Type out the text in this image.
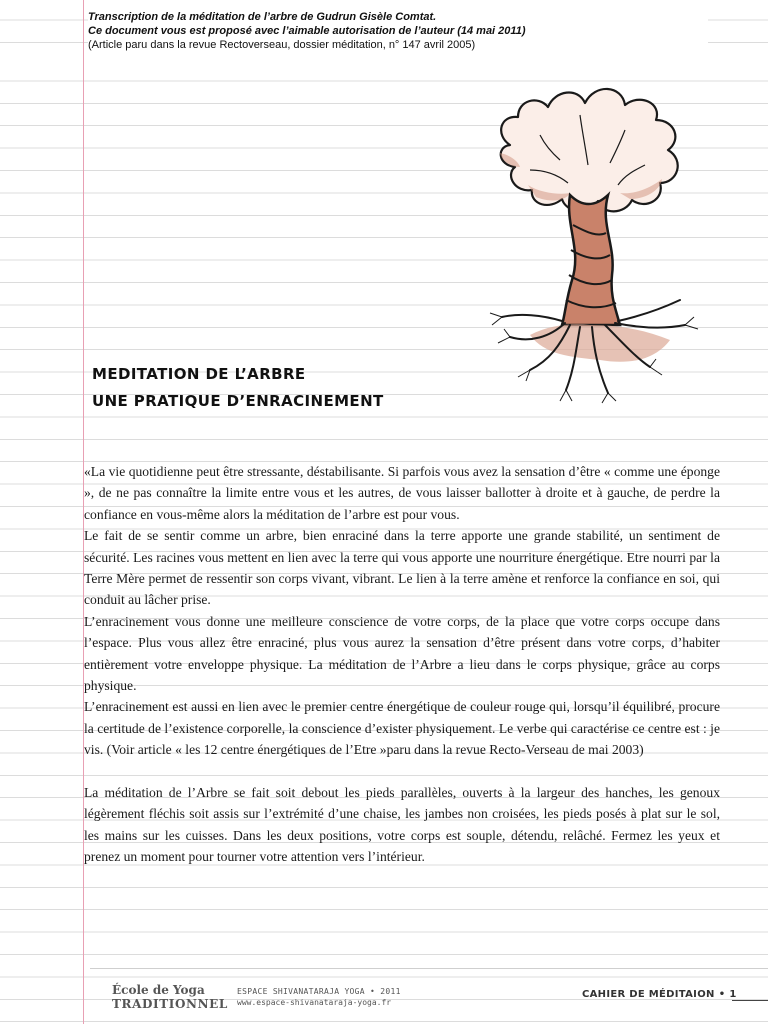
Transcription de la méditation de l’arbre de Gudrun Gisèle Comtat.
Ce document vous est proposé avec l’aimable autorisation de l’auteur (14 mai 2011)
(Article paru dans la revue Rectoverseau, dossier méditation, n° 147 avril 2005)
MEDITATION DE L’ARBRE
UNE PRATIQUE D’ENRACINEMENT

«La vie quotidienne peut être stressante, déstabilisante. Si parfois vous avez la sensation d’être « comme une éponge », de ne pas connaître la limite entre vous et les autres, de vous laisser ballotter à droite et à gauche, de perdre la confiance en vous-même alors la méditation de l’arbre est pour vous.

Le fait de se sentir comme un arbre, bien enraciné dans la terre apporte une grande stabilité, un sentiment de sécurité. Les racines vous mettent en lien avec la terre qui vous apporte une nourriture énergétique. Etre nourri par la Terre Mère permet de ressentir son corps vivant, vibrant. Le lien à la terre amène et renforce la confiance en soi, qui conduit au lâcher prise.

L’enracinement vous donne une meilleure conscience de votre corps, de la place que votre corps occupe dans l’espace. Plus vous allez être enraciné, plus vous aurez la sensation d’être présent dans votre corps, d’habiter entièrement votre enveloppe physique. La méditation de l’Arbre a lieu dans le corps physique, grâce au corps physique.

L’enracinement est aussi en lien avec le premier centre énergétique de couleur rouge qui, lorsqu’il équilibré, procure la certitude de l’existence corporelle, la conscience d’exister physiquement. Le verbe qui caractérise ce centre est : je vis. (Voir article « les 12 centre énergétiques de l’Etre »paru dans la revue Recto-Verseau de mai 2003)

La méditation de l’Arbre se fait soit debout les pieds parallèles, ouverts à la largeur des hanches, les genoux légèrement fléchis soit assis sur l’extrémité d’une chaise, les jambes non croisées, les pieds posés à plat sur le sol, les mains sur les cuisses. Dans les deux positions, votre corps est souple, détendu, relâché. Fermez les yeux et prenez un moment pour tourner votre attention vers l’intérieur.

École de Yoga
TRADITIONNEL
ESPACE SHIVANATARAJA YOGA • 2011
www.espace-shivanataraja-yoga.fr
CAHIER DE MÉDITAION • 1
